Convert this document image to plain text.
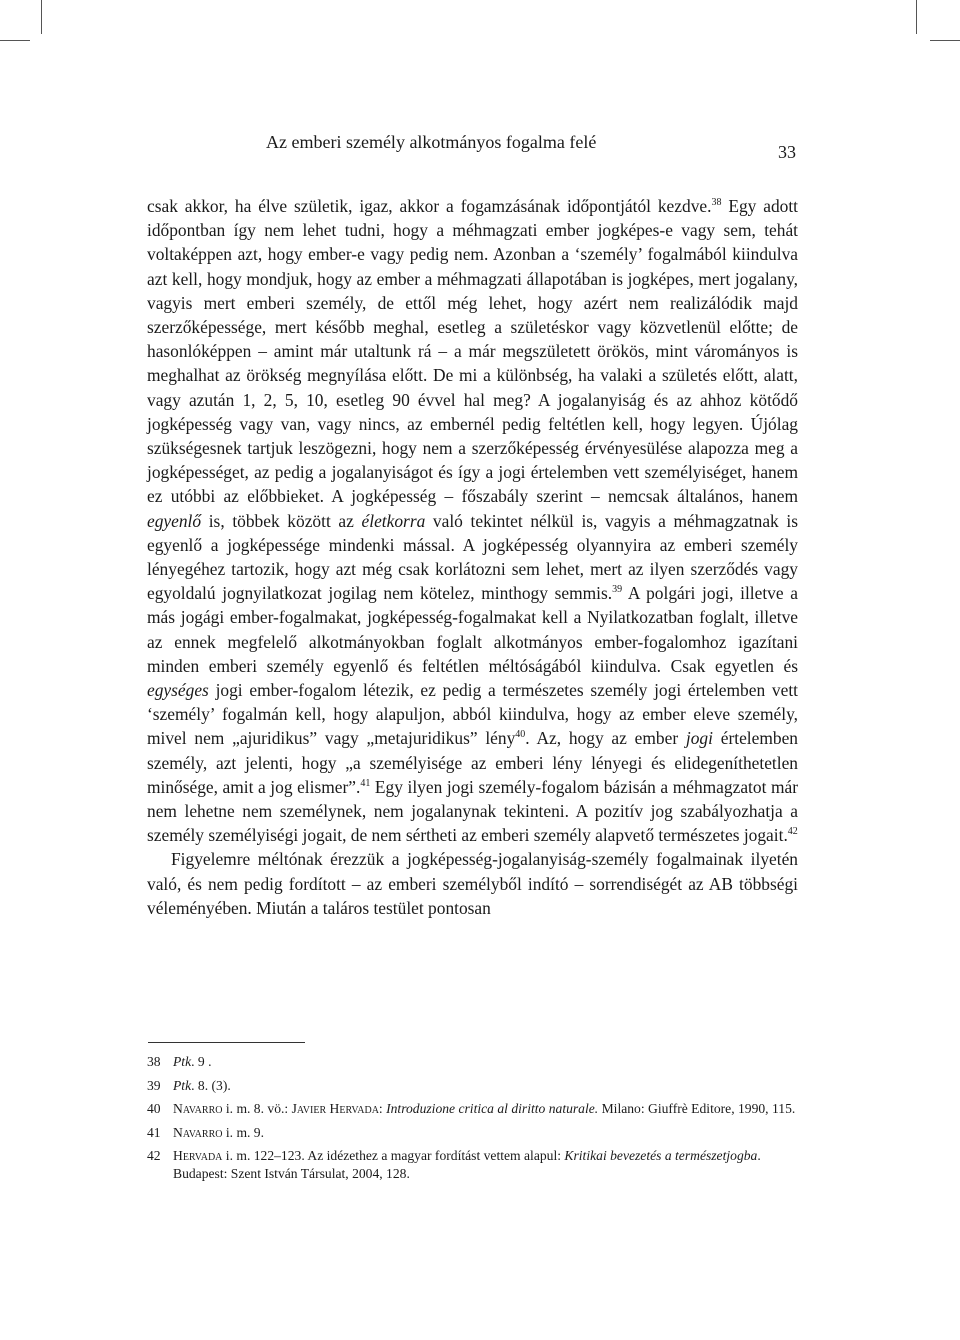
Az emberi személy alkotmányos fogalma felé	33

csak akkor, ha élve születik, igaz, akkor a fogamzásának időpontjától kezdve.$^{38}$ Egy adott időpontban így nem lehet tudni, hogy a méhmagzati ember jogképes-e vagy sem, tehát voltaképpen azt, hogy ember-e vagy pedig nem. Azonban a ‘személy’ fogalmából kiindulva azt kell, hogy mondjuk, hogy az ember a méhmagzati állapotában is jogképes, mert jogalany, vagyis mert emberi személy, de ettől még lehet, hogy azért nem realizálódik majd szerzőképessége, mert később meghal, esetleg a születéskor vagy közvetlenül előtte; de hasonlóképpen – amint már utaltunk rá – a már megszületett örökös, mint várományos is meghalhat az örökség megnyílása előtt. De mi a különbség, ha valaki a születés előtt, alatt, vagy azután 1, 2, 5, 10, esetleg 90 évvel hal meg? A jogalanyiság és az ahhoz kötődő jogképesség vagy van, vagy nincs, az embernél pedig feltétlen kell, hogy legyen. Újólag szükségesnek tartjuk leszögezni, hogy nem a szerzőképesség érvényesülése alapozza meg a jogképességet, az pedig a jogalanyiságot és így a jogi értelemben vett személyiséget, hanem ez utóbbi az előbbieket. A jogképesség – főszabály szerint – nemcsak általános, hanem egyenlő is, többek között az életkorra való tekintet nélkül is, vagyis a méhmagzatnak is egyenlő a jogképessége mindenki mással. A jogképesség olyannyira az emberi személy lényegéhez tartozik, hogy azt még csak korlátozni sem lehet, mert az ilyen szerződés vagy egyoldalú jognyilatkozat jogilag nem kötelez, minthogy semmis.$^{39}$ A polgári jogi, illetve a más jogági ember-fogalmakat, jogképesség-fogalmakat kell a Nyilatkozatban foglalt, illetve az ennek megfelelő alkotmányokban foglalt alkotmányos ember-fogalomhoz igazítani minden emberi személy egyenlő és feltétlen méltóságából kiindulva. Csak egyetlen és egységes jogi ember-fogalom létezik, ez pedig a természetes személy jogi értelemben vett ‘személy’ fogalmán kell, hogy alapuljon, abból kiindulva, hogy az ember eleve személy, mivel nem „ajuridikus” vagy „metajuridikus” lény$^{40}$. Az, hogy az ember jogi értelemben személy, azt jelenti, hogy „a személyisége az emberi lény lényegi és elidegeníthetetlen minősége, amit a jog elismer”.$^{41}$ Egy ilyen jogi személy-fogalom bázisán a méhmagzatot már nem lehetne nem személynek, nem jogalanynak tekinteni. A pozitív jog szabályozhatja a személy személyiségi jogait, de nem sértheti az emberi személy alapvető természetes jogait.$^{42}$

Figyelemre méltónak érezzük a jogképesség-jogalanyiság-személy fogalmainak ilyetén való, és nem pedig fordított – az emberi személyből indító – sorrendiségét az AB többségi véleményében. Miután a taláros testület pontosan

38 Ptk. 9 .
39 Ptk. 8. (3).
40 Navarro i. m. 8. vö.: Javier Hervada: Introduzione critica al diritto naturale. Milano: Giuffrè Editore, 1990, 115.
41 Navarro i. m. 9.
42 Hervada i. m. 122–123. Az idézethez a magyar fordítást vettem alapul: Kritikai bevezetés a természetjogba. Budapest: Szent István Társulat, 2004, 128.
